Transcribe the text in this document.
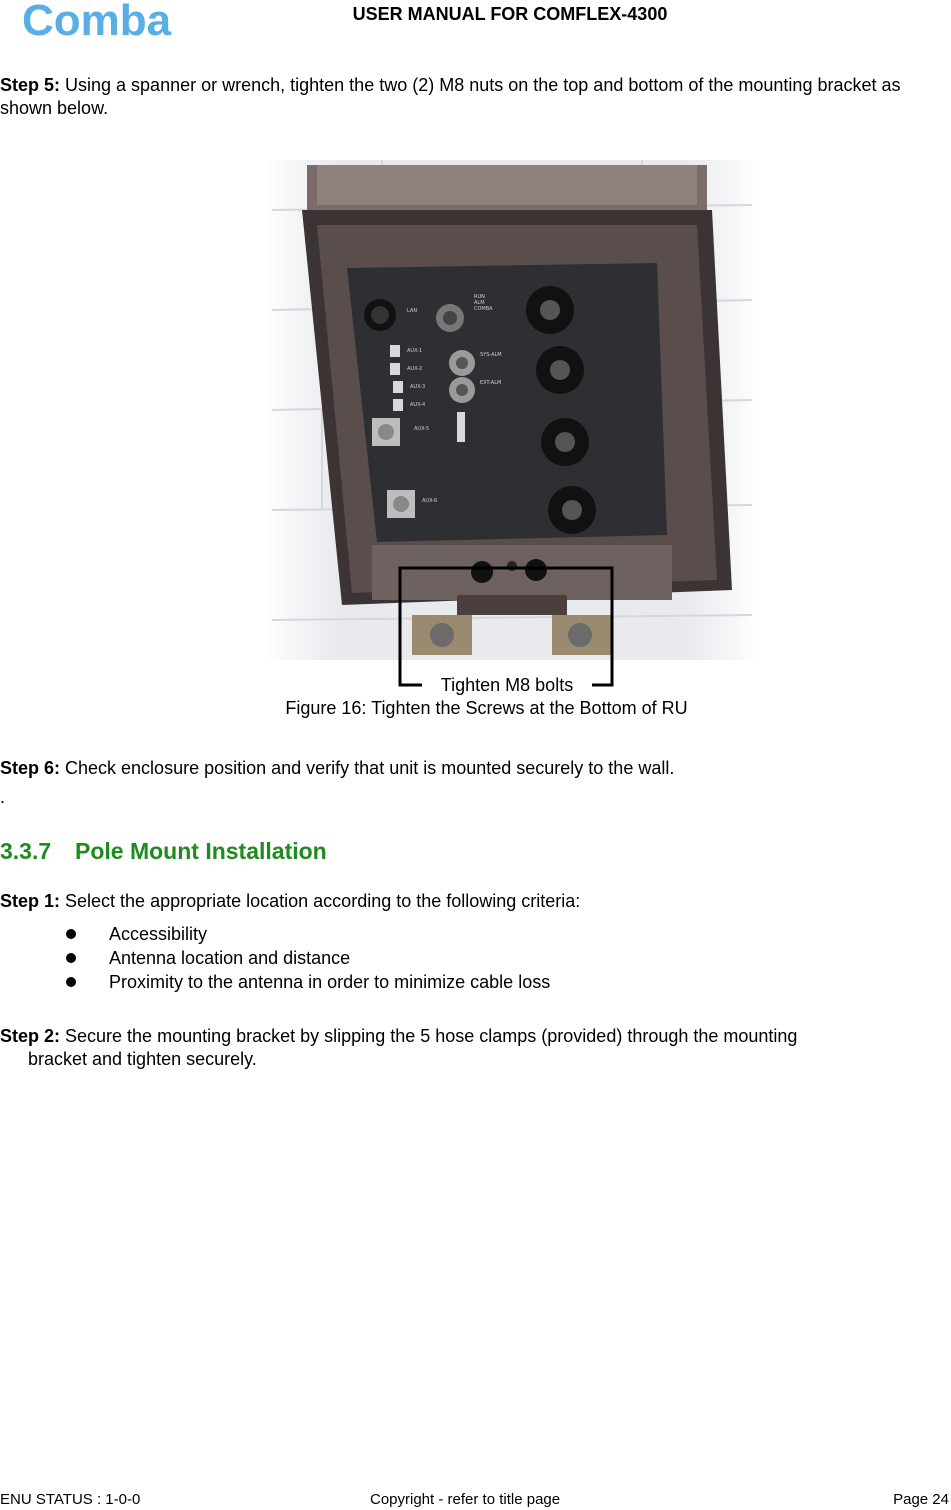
Comba	USER MANUAL FOR COMFLEX-4300
Step 5: Using a spanner or wrench, tighten the two (2) M8 nuts on the top and bottom of the mounting bracket as shown below.
LAN
RUN
ALM
COMBA
AUX-1
AUX-2
AUX-3
AUX-4
AUX-5
AUX-6
SYS-ALM
EXT-ALM
Tighten M8 bolts
Figure 16: Tighten the Screws at the Bottom of RU
Step 6: Check enclosure position and verify that unit is mounted securely to the wall.
.
3.3.7 Pole Mount Installation
Step 1: Select the appropriate location according to the following criteria:
Accessibility
Antenna location and distance
Proximity to the antenna in order to minimize cable loss
Step 2: Secure the mounting bracket by slipping the 5 hose clamps (provided) through the mounting
bracket and tighten securely.
ENU STATUS : 1-0-0	Copyright - refer to title page	Page 24
